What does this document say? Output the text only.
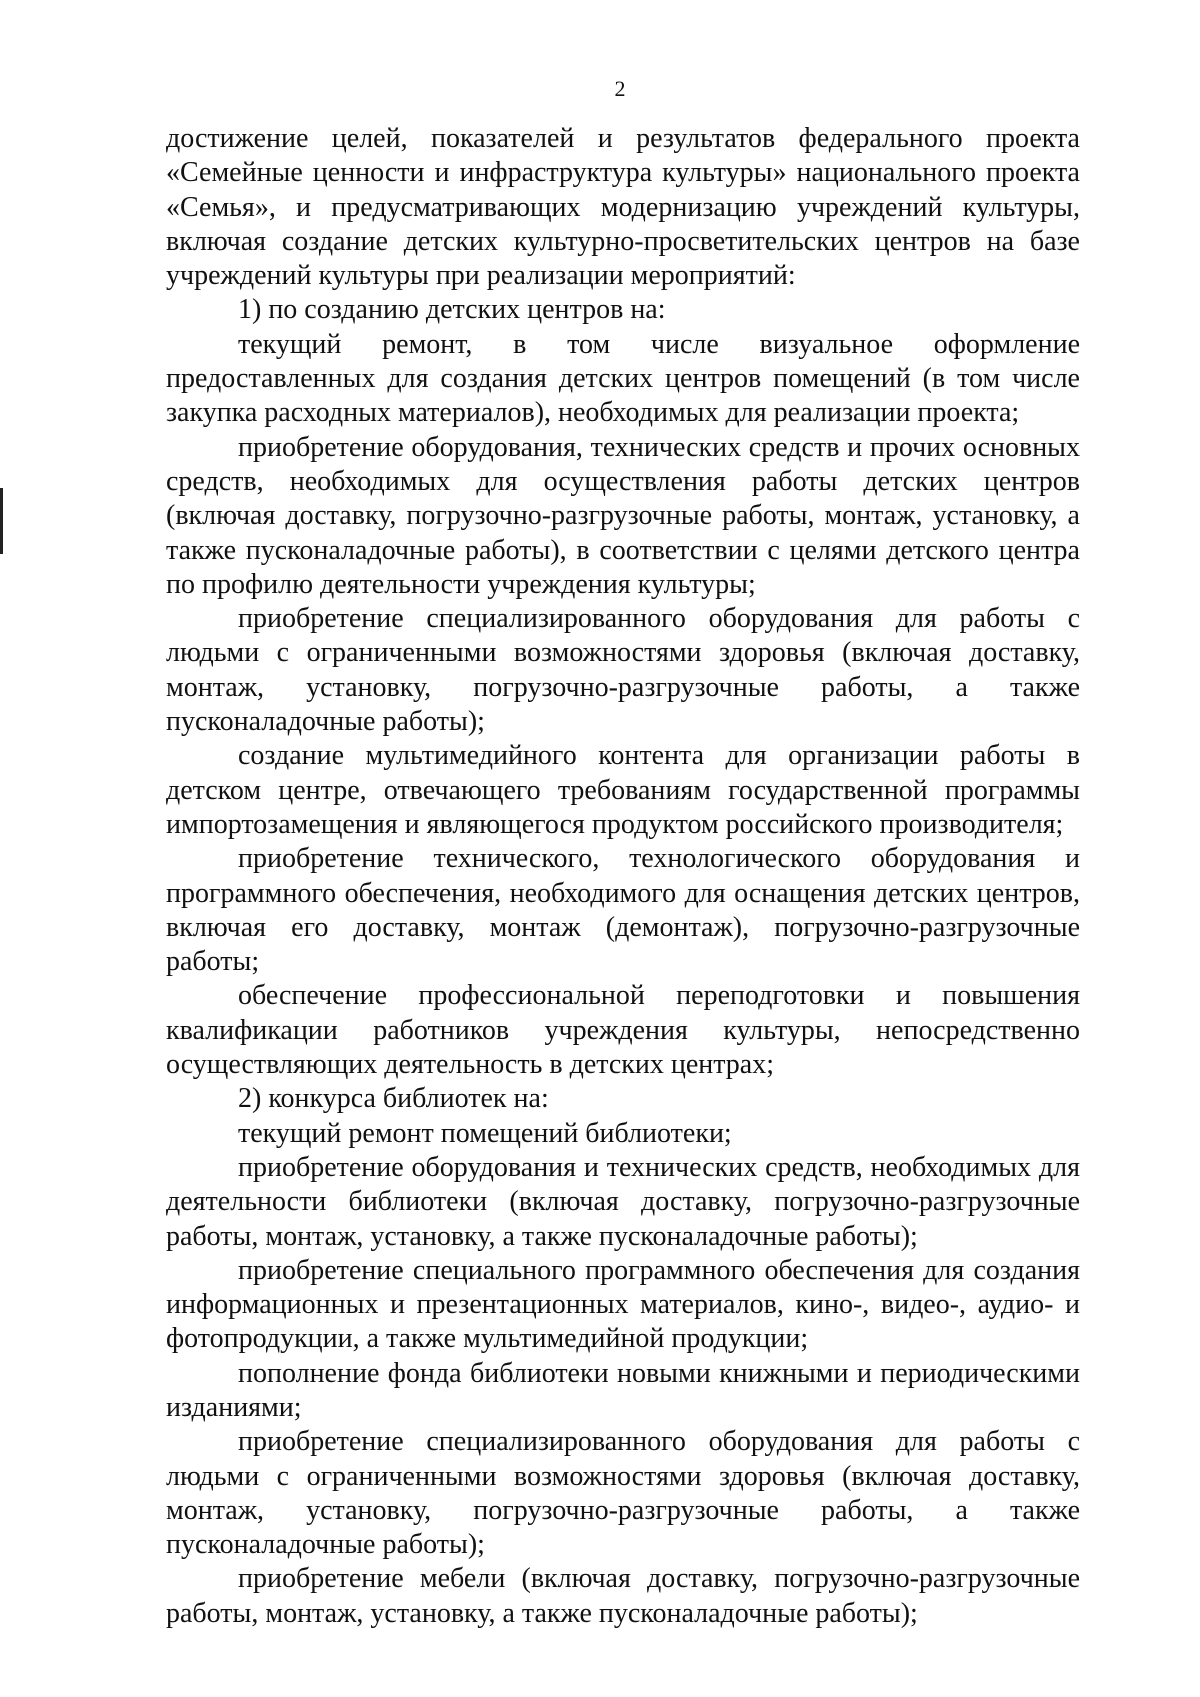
2

достижение целей, показателей и результатов федерального проекта «Семейные ценности и инфраструктура культуры» национального проекта «Семья», и предусматривающих модернизацию учреждений культуры, включая создание детских культурно-просветительских центров на базе учреждений культуры при реализации мероприятий:

1) по созданию детских центров на:

текущий ремонт, в том числе визуальное оформление предоставленных для создания детских центров помещений (в том числе закупка расходных материалов), необходимых для реализации проекта;

приобретение оборудования, технических средств и прочих основных средств, необходимых для осуществления работы детских центров (включая доставку, погрузочно-разгрузочные работы, монтаж, установку, а также пусконаладочные работы), в соответствии с целями детского центра по профилю деятельности учреждения культуры;

приобретение специализированного оборудования для работы с людьми с ограниченными возможностями здоровья (включая доставку, монтаж, установку, погрузочно-разгрузочные работы, а также пусконаладочные работы);

создание мультимедийного контента для организации работы в детском центре, отвечающего требованиям государственной программы импортозамещения и являющегося продуктом российского производителя;

приобретение технического, технологического оборудования и программного обеспечения, необходимого для оснащения детских центров, включая его доставку, монтаж (демонтаж), погрузочно-разгрузочные работы;

обеспечение профессиональной переподготовки и повышения квалификации работников учреждения культуры, непосредственно осуществляющих деятельность в детских центрах;

2) конкурса библиотек на:

текущий ремонт помещений библиотеки;

приобретение оборудования и технических средств, необходимых для деятельности библиотеки (включая доставку, погрузочно-разгрузочные работы, монтаж, установку, а также пусконаладочные работы);

приобретение специального программного обеспечения для создания информационных и презентационных материалов, кино-, видео-, аудио- и фотопродукции, а также мультимедийной продукции;

пополнение фонда библиотеки новыми книжными и периодическими изданиями;

приобретение специализированного оборудования для работы с людьми с ограниченными возможностями здоровья (включая доставку, монтаж, установку, погрузочно-разгрузочные работы, а также пусконаладочные работы);

приобретение мебели (включая доставку, погрузочно-разгрузочные работы, монтаж, установку, а также пусконаладочные работы);
